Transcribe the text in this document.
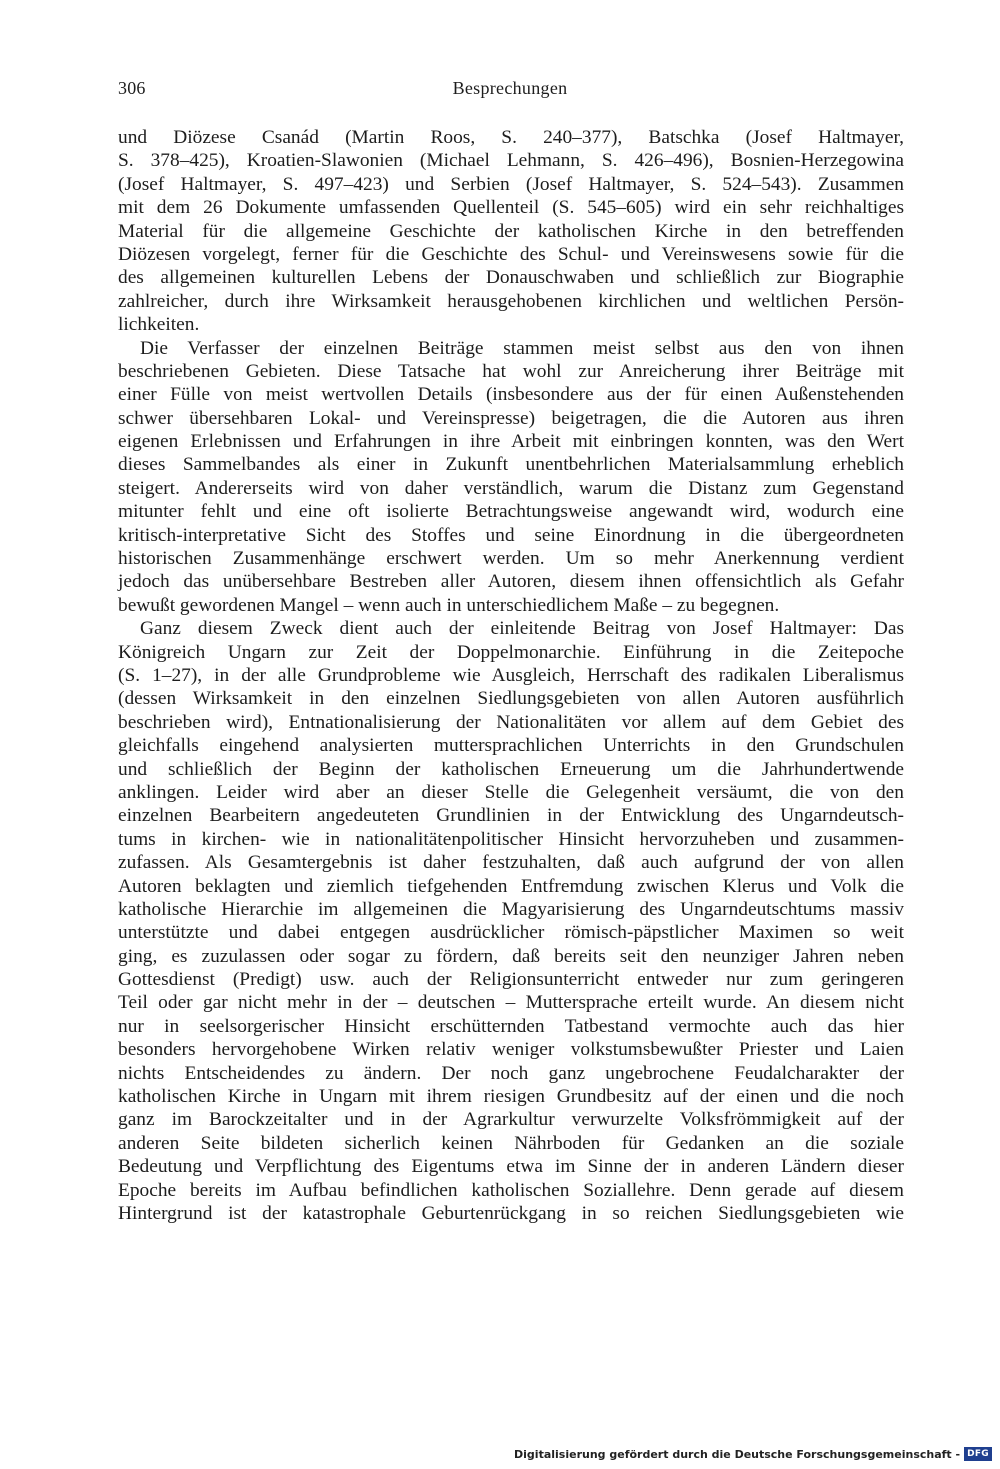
306	Besprechungen
und Diözese Csanád (Martin Roos, S. 240–377), Batschka (Josef Haltmayer,
S. 378–425), Kroatien-Slawonien (Michael Lehmann, S. 426–496), Bosnien-Herzegowina
(Josef Haltmayer, S. 497–423) und Serbien (Josef Haltmayer, S. 524–543). Zusammen
mit dem 26 Dokumente umfassenden Quellenteil (S. 545–605) wird ein sehr reichhaltiges
Material für die allgemeine Geschichte der katholischen Kirche in den betreffenden
Diözesen vorgelegt, ferner für die Geschichte des Schul- und Vereinswesens sowie für die
des allgemeinen kulturellen Lebens der Donauschwaben und schließlich zur Biographie
zahlreicher, durch ihre Wirksamkeit herausgehobenen kirchlichen und weltlichen Persön-
lichkeiten.
Die Verfasser der einzelnen Beiträge stammen meist selbst aus den von ihnen
beschriebenen Gebieten. Diese Tatsache hat wohl zur Anreicherung ihrer Beiträge mit
einer Fülle von meist wertvollen Details (insbesondere aus der für einen Außenstehenden
schwer übersehbaren Lokal- und Vereinspresse) beigetragen, die die Autoren aus ihren
eigenen Erlebnissen und Erfahrungen in ihre Arbeit mit einbringen konnten, was den Wert
dieses Sammelbandes als einer in Zukunft unentbehrlichen Materialsammlung erheblich
steigert. Andererseits wird von daher verständlich, warum die Distanz zum Gegenstand
mitunter fehlt und eine oft isolierte Betrachtungsweise angewandt wird, wodurch eine
kritisch-interpretative Sicht des Stoffes und seine Einordnung in die übergeordneten
historischen Zusammenhänge erschwert werden. Um so mehr Anerkennung verdient
jedoch das unübersehbare Bestreben aller Autoren, diesem ihnen offensichtlich als Gefahr
bewußt gewordenen Mangel – wenn auch in unterschiedlichem Maße – zu begegnen.
Ganz diesem Zweck dient auch der einleitende Beitrag von Josef Haltmayer: Das
Königreich Ungarn zur Zeit der Doppelmonarchie. Einführung in die Zeitepoche
(S. 1–27), in der alle Grundprobleme wie Ausgleich, Herrschaft des radikalen Liberalismus
(dessen Wirksamkeit in den einzelnen Siedlungsgebieten von allen Autoren ausführlich
beschrieben wird), Entnationalisierung der Nationalitäten vor allem auf dem Gebiet des
gleichfalls eingehend analysierten muttersprachlichen Unterrichts in den Grundschulen
und schließlich der Beginn der katholischen Erneuerung um die Jahrhundertwende
anklingen. Leider wird aber an dieser Stelle die Gelegenheit versäumt, die von den
einzelnen Bearbeitern angedeuteten Grundlinien in der Entwicklung des Ungarndeutsch-
tums in kirchen- wie in nationalitätenpolitischer Hinsicht hervorzuheben und zusammen-
zufassen. Als Gesamtergebnis ist daher festzuhalten, daß auch aufgrund der von allen
Autoren beklagten und ziemlich tiefgehenden Entfremdung zwischen Klerus und Volk die
katholische Hierarchie im allgemeinen die Magyarisierung des Ungarndeutschtums massiv
unterstützte und dabei entgegen ausdrücklicher römisch-päpstlicher Maximen so weit
ging, es zuzulassen oder sogar zu fördern, daß bereits seit den neunziger Jahren neben
Gottesdienst (Predigt) usw. auch der Religionsunterricht entweder nur zum geringeren
Teil oder gar nicht mehr in der – deutschen – Muttersprache erteilt wurde. An diesem nicht
nur in seelsorgerischer Hinsicht erschütternden Tatbestand vermochte auch das hier
besonders hervorgehobene Wirken relativ weniger volkstumsbewußter Priester und Laien
nichts Entscheidendes zu ändern. Der noch ganz ungebrochene Feudalcharakter der
katholischen Kirche in Ungarn mit ihrem riesigen Grundbesitz auf der einen und die noch
ganz im Barockzeitalter und in der Agrarkultur verwurzelte Volksfrömmigkeit auf der
anderen Seite bildeten sicherlich keinen Nährboden für Gedanken an die soziale
Bedeutung und Verpflichtung des Eigentums etwa im Sinne der in anderen Ländern dieser
Epoche bereits im Aufbau befindlichen katholischen Soziallehre. Denn gerade auf diesem
Hintergrund ist der katastrophale Geburtenrückgang in so reichen Siedlungsgebieten wie
Digitalisierung gefördert durch die Deutsche Forschungsgemeinschaft - DFG
